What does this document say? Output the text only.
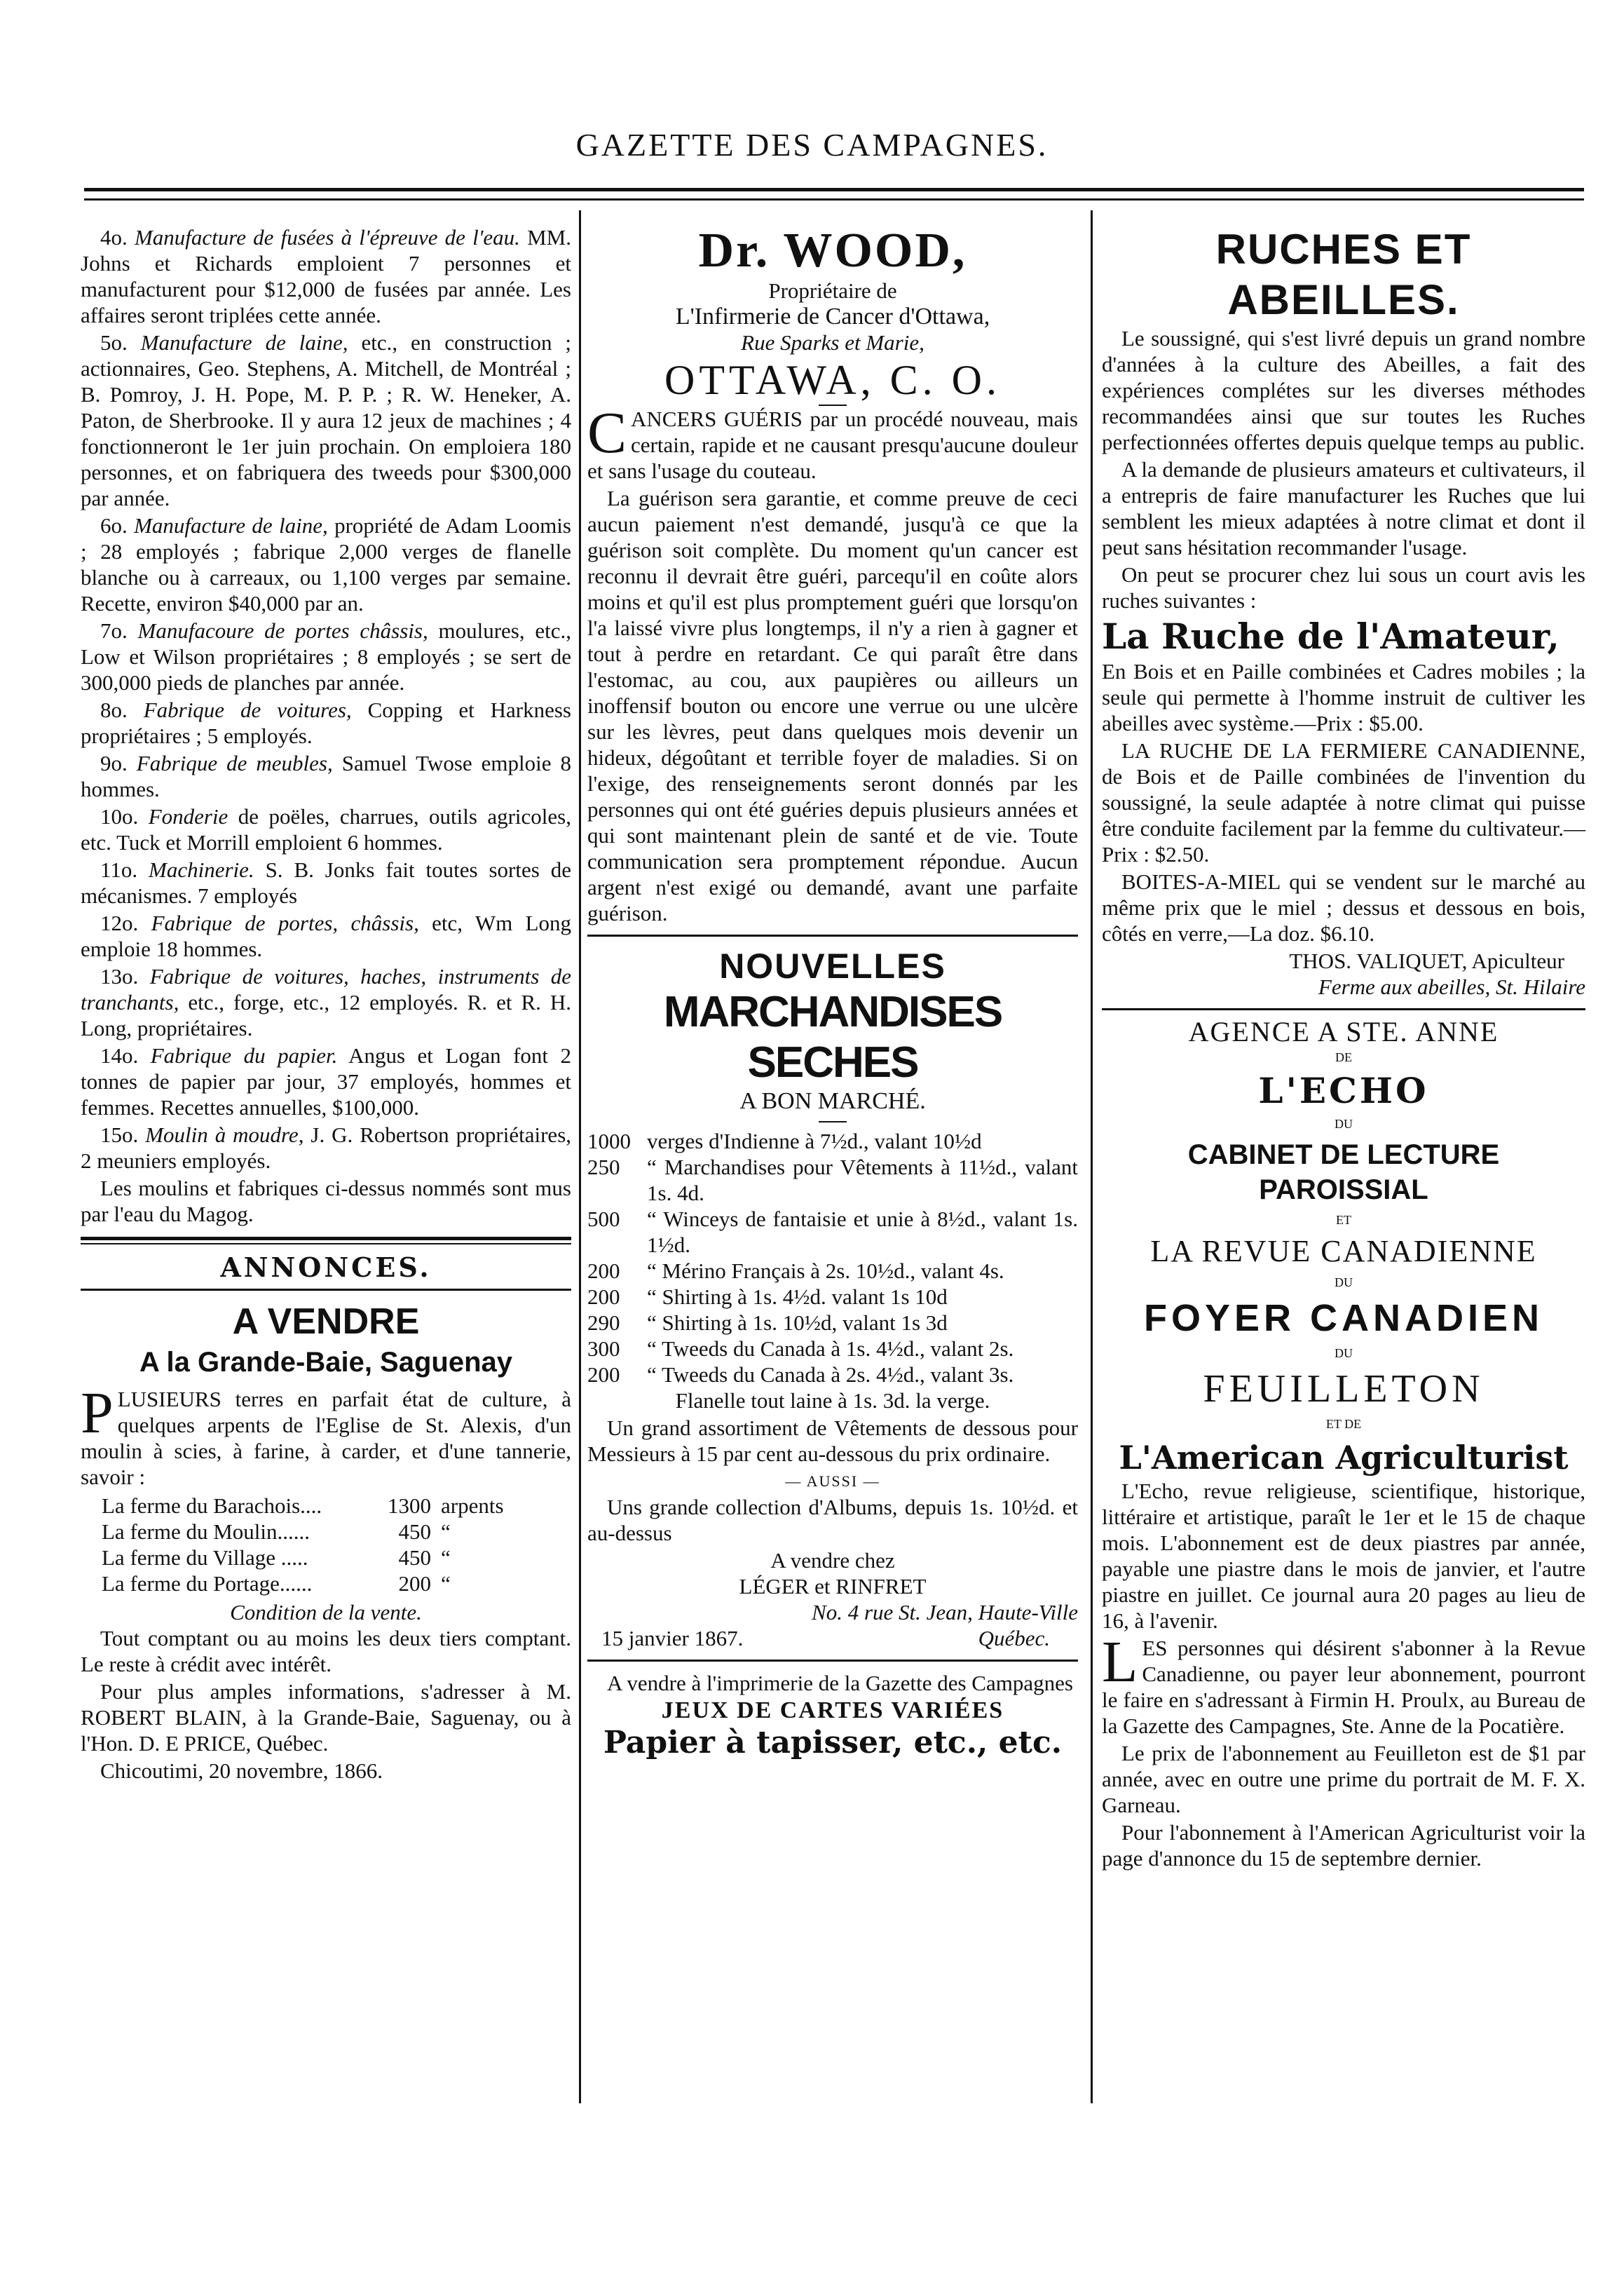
GAZETTE DES CAMPAGNES.

4o. Manufacture de fusées à l'épreuve de l'eau. MM. Johns et Richards emploient 7 personnes et manufacturent pour $12,000 de fusées par année. Les affaires seront triplées cette année.

5o. Manufacture de laine, etc., en construction ; actionnaires, Geo. Stephens, A. Mitchell, de Montréal ; B. Pomroy, J. H. Pope, M. P. P. ; R. W. Heneker, A. Paton, de Sherbrooke. Il y aura 12 jeux de machines ; 4 fonctionneront le 1er juin prochain. On emploiera 180 personnes, et on fabriquera des tweeds pour $300,000 par année.

6o. Manufacture de laine, propriété de Adam Loomis ; 28 employés ; fabrique 2,000 verges de flanelle blanche ou à carreaux, ou 1,100 verges par semaine. Recette, environ $40,000 par an.

7o. Manufacoure de portes châssis, moulures, etc., Low et Wilson propriétaires ; 8 employés ; se sert de 300,000 pieds de planches par année.

8o. Fabrique de voitures, Copping et Harkness propriétaires ; 5 employés.

9o. Fabrique de meubles, Samuel Twose emploie 8 hommes.

10o. Fonderie de poëles, charrues, outils agricoles, etc. Tuck et Morrill emploient 6 hommes.

11o. Machinerie. S. B. Jonks fait toutes sortes de mécanismes. 7 employés

12o. Fabrique de portes, châssis, etc, Wm Long emploie 18 hommes.

13o. Fabrique de voitures, haches, instruments de tranchants, etc., forge, etc., 12 employés. R. et R. H. Long, propriétaires.

14o. Fabrique du papier. Angus et Logan font 2 tonnes de papier par jour, 37 employés, hommes et femmes. Recettes annuelles, $100,000.

15o. Moulin à moudre, J. G. Robertson propriétaires, 2 meuniers employés.

Les moulins et fabriques ci-dessus nommés sont mus par l'eau du Magog.

ANNONCES.
A VENDRE
A la Grande-Baie, Saguenay

PLUSIEURS terres en parfait état de culture, à quelques arpents de l'Eglise de St. Alexis, d'un moulin à scies, à farine, à carder, et d'une tannerie, savoir :

La ferme du Barachois....	1300	arpents
La ferme du Moulin......	450	“
La ferme du Village .....	450	“
La ferme du Portage......	200	“
Condition de la vente.

Tout comptant ou au moins les deux tiers comptant. Le reste à crédit avec intérêt.

Pour plus amples informations, s'adresser à M. ROBERT BLAIN, à la Grande-Baie, Saguenay, ou à l'Hon. D. E PRICE, Québec.

Chicoutimi, 20 novembre, 1866.

Dr. WOOD,
Propriétaire de
L'Infirmerie de Cancer d'Ottawa,
Rue Sparks et Marie,
OTTAWA, C. O.

CANCERS GUÉRIS par un procédé nouveau, mais certain, rapide et ne causant presqu'aucune douleur et sans l'usage du couteau.

La guérison sera garantie, et comme preuve de ceci aucun paiement n'est demandé, jusqu'à ce que la guérison soit complète. Du moment qu'un cancer est reconnu il devrait être guéri, parcequ'il en coûte alors moins et qu'il est plus promptement guéri que lorsqu'on l'a laissé vivre plus longtemps, il n'y a rien à gagner et tout à perdre en retardant. Ce qui paraît être dans l'estomac, au cou, aux paupières ou ailleurs un inoffensif bouton ou encore une verrue ou une ulcère sur les lèvres, peut dans quelques mois devenir un hideux, dégoûtant et terrible foyer de maladies. Si on l'exige, des renseignements seront donnés par les personnes qui ont été guéries depuis plusieurs années et qui sont maintenant plein de santé et de vie. Toute communication sera promptement répondue. Aucun argent n'est exigé ou demandé, avant une parfaite guérison.

NOUVELLES
MARCHANDISES SECHES
A BON MARCHÉ.
1000	verges d'Indienne à 7½d., valant 10½d
250	“ Marchandises pour Vêtements à 11½d., valant 1s. 4d.
500	“ Winceys de fantaisie et unie à 8½d., valant 1s. 1½d.
200	“ Mérino Français à 2s. 10½d., valant 4s.
200	“ Shirting à 1s. 4½d. valant 1s 10d
290	“ Shirting à 1s. 10½d, valant 1s 3d
300	“ Tweeds du Canada à 1s. 4½d., valant 2s.
200	“ Tweeds du Canada à 2s. 4½d., valant 3s.

Flanelle tout laine à 1s. 3d. la verge.

Un grand assortiment de Vêtements de dessous pour Messieurs à 15 par cent au-dessous du prix ordinaire.

— AUSSI —

Uns grande collection d'Albums, depuis 1s. 10½d. et au-dessus

A vendre chez
LÉGER et RINFRET
No. 4 rue St. Jean, Haute-Ville
15 janvier 1867.	Québec.

A vendre à l'imprimerie de la Gazette des Campagnes

JEUX DE CARTES VARIÉES
Papier à tapisser, etc., etc.
RUCHES ET ABEILLES.

Le soussigné, qui s'est livré depuis un grand nombre d'années à la culture des Abeilles, a fait des expériences complétes sur les diverses méthodes recommandées ainsi que sur toutes les Ruches perfectionnées offertes depuis quelque temps au public.

A la demande de plusieurs amateurs et cultivateurs, il a entrepris de faire manufacturer les Ruches que lui semblent les mieux adaptées à notre climat et dont il peut sans hésitation recommander l'usage.

On peut se procurer chez lui sous un court avis les ruches suivantes :

La Ruche de l'Amateur,

En Bois et en Paille combinées et Cadres mobiles ; la seule qui permette à l'homme instruit de cultiver les abeilles avec système.—Prix : $5.00.

LA RUCHE DE LA FERMIERE CANADIENNE, de Bois et de Paille combinées de l'invention du soussigné, la seule adaptée à notre climat qui puisse être conduite facilement par la femme du cultivateur.—Prix : $2.50.

BOITES-A-MIEL qui se vendent sur le marché au même prix que le miel ; dessus et dessous en bois, côtés en verre,—La doz. $6.10.

THOS. VALIQUET, Apiculteur
Ferme aux abeilles, St. Hilaire
AGENCE A STE. ANNE
DE
L'ECHO
DU
CABINET DE LECTURE PAROISSIAL
ET
LA REVUE CANADIENNE
DU
FOYER CANADIEN
DU
FEUILLETON
ET DE
L'American Agriculturist

L'Echo, revue religieuse, scientifique, historique, littéraire et artistique, paraît le 1er et le 15 de chaque mois. L'abonnement est de deux piastres par année, payable une piastre dans le mois de janvier, et l'autre piastre en juillet. Ce journal aura 20 pages au lieu de 16, à l'avenir.

LES personnes qui désirent s'abonner à la Revue Canadienne, ou payer leur abonnement, pourront le faire en s'adressant à Firmin H. Proulx, au Bureau de la Gazette des Campagnes, Ste. Anne de la Pocatière.

Le prix de l'abonnement au Feuilleton est de $1 par année, avec en outre une prime du portrait de M. F. X. Garneau.

Pour l'abonnement à l'American Agriculturist voir la page d'annonce du 15 de septembre dernier.
